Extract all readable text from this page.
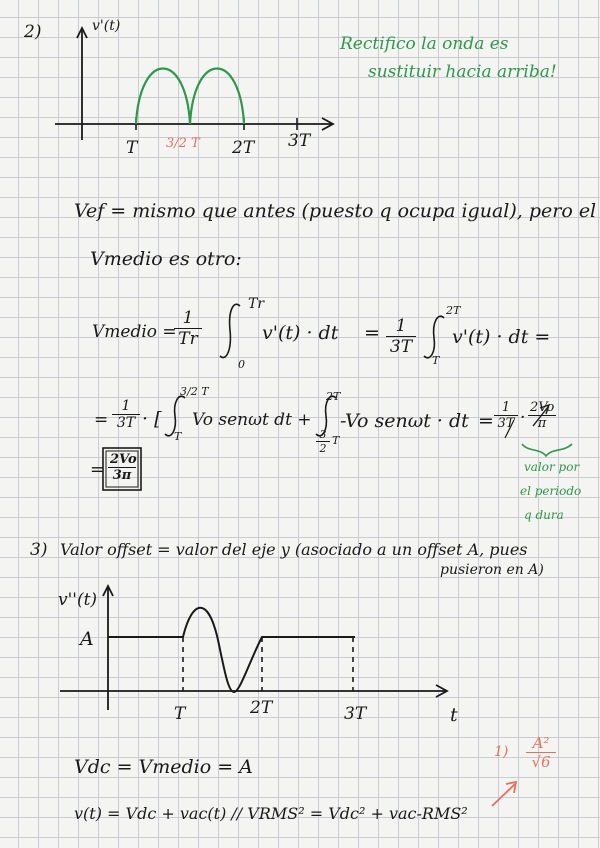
2)	v'(t)
T 3/2 T 2T 3T
Rectifico la onda es
sustituir hacia arriba!
Vef = mismo que antes (puesto q ocupa igual), pero el
Vmedio es otro:
Vmedio =
$\frac{1}{Tr}$
Tr
0
v'(t) · dt = $\frac{1}{3T}$
2T
T
v'(t) · dt =
= $\frac{1}{3T}$ · [
3/2 T
T
Vo senωt dt +
2T
$\frac{3}{2}$ T
-Vo senωt · dt = $\frac{1}{3T} \cdot \frac{2Vo}{\pi}$
= $\frac{2Vo}{3\pi}$	valor por
el periodo
q dura
3) Valor offset = valor del eje y (asociado a un offset A, pues
pusieron en A)
v''(t)
A
T	2T	3T	t
Vdc = Vmedio = A
v(t) = Vdc + vac(t) // VRMS² = Vdc² + vac-RMS²
$1) \frac{\text{A²}}{√6}$
